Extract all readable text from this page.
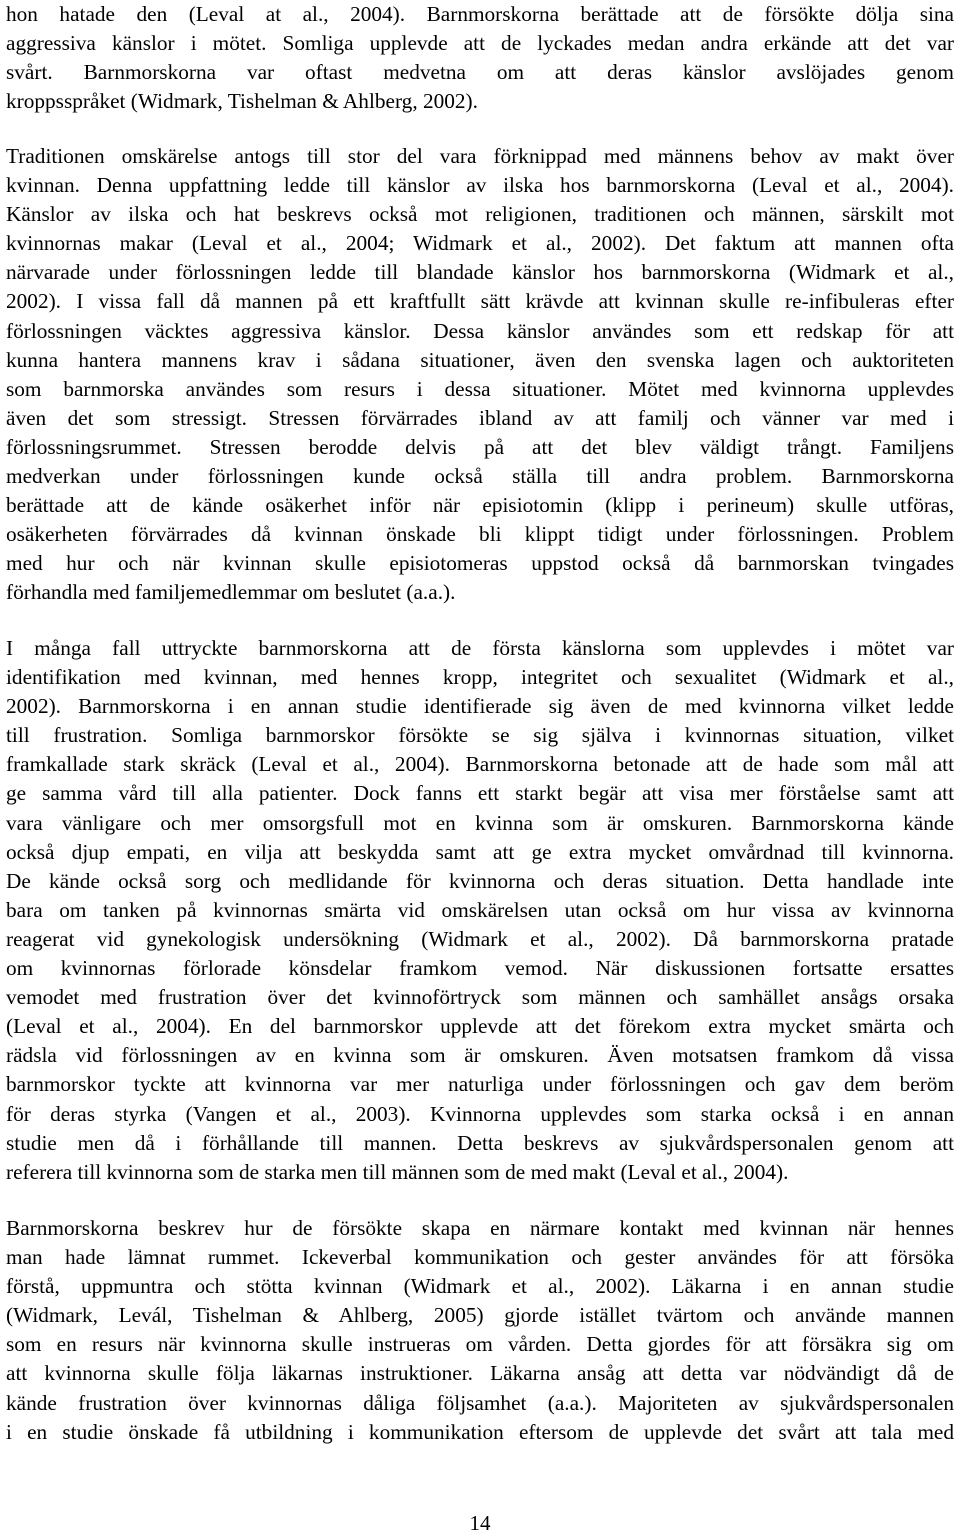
hon hatade den (Leval at al., 2004). Barnmorskorna berättade att de försökte dölja sina
aggressiva känslor i mötet. Somliga upplevde att de lyckades medan andra erkände att det var
svårt. Barnmorskorna var oftast medvetna om att deras känslor avslöjades genom
kroppsspråket (Widmark, Tishelman & Ahlberg, 2002).
Traditionen omskärelse antogs till stor del vara förknippad med männens behov av makt över
kvinnan. Denna uppfattning ledde till känslor av ilska hos barnmorskorna (Leval et al., 2004).
Känslor av ilska och hat beskrevs också mot religionen, traditionen och männen, särskilt mot
kvinnornas makar (Leval et al., 2004; Widmark et al., 2002). Det faktum att mannen ofta
närvarade under förlossningen ledde till blandade känslor hos barnmorskorna (Widmark et al.,
2002). I vissa fall då mannen på ett kraftfullt sätt krävde att kvinnan skulle re-infibuleras efter
förlossningen väcktes aggressiva känslor. Dessa känslor användes som ett redskap för att
kunna hantera mannens krav i sådana situationer, även den svenska lagen och auktoriteten
som barnmorska användes som resurs i dessa situationer. Mötet med kvinnorna upplevdes
även det som stressigt. Stressen förvärrades ibland av att familj och vänner var med i
förlossningsrummet. Stressen berodde delvis på att det blev väldigt trångt. Familjens
medverkan under förlossningen kunde också ställa till andra problem. Barnmorskorna
berättade att de kände osäkerhet inför när episiotomin (klipp i perineum) skulle utföras,
osäkerheten förvärrades då kvinnan önskade bli klippt tidigt under förlossningen. Problem
med hur och när kvinnan skulle episiotomeras uppstod också då barnmorskan tvingades
förhandla med familjemedlemmar om beslutet (a.a.).
I många fall uttryckte barnmorskorna att de första känslorna som upplevdes i mötet var
identifikation med kvinnan, med hennes kropp, integritet och sexualitet (Widmark et al.,
2002). Barnmorskorna i en annan studie identifierade sig även de med kvinnorna vilket ledde
till frustration. Somliga barnmorskor försökte se sig själva i kvinnornas situation, vilket
framkallade stark skräck (Leval et al., 2004). Barnmorskorna betonade att de hade som mål att
ge samma vård till alla patienter. Dock fanns ett starkt begär att visa mer förståelse samt att
vara vänligare och mer omsorgsfull mot en kvinna som är omskuren. Barnmorskorna kände
också djup empati, en vilja att beskydda samt att ge extra mycket omvårdnad till kvinnorna.
De kände också sorg och medlidande för kvinnorna och deras situation. Detta handlade inte
bara om tanken på kvinnornas smärta vid omskärelsen utan också om hur vissa av kvinnorna
reagerat vid gynekologisk undersökning (Widmark et al., 2002). Då barnmorskorna pratade
om kvinnornas förlorade könsdelar framkom vemod. När diskussionen fortsatte ersattes
vemodet med frustration över det kvinnoförtryck som männen och samhället ansågs orsaka
(Leval et al., 2004). En del barnmorskor upplevde att det förekom extra mycket smärta och
rädsla vid förlossningen av en kvinna som är omskuren. Även motsatsen framkom då vissa
barnmorskor tyckte att kvinnorna var mer naturliga under förlossningen och gav dem beröm
för deras styrka (Vangen et al., 2003). Kvinnorna upplevdes som starka också i en annan
studie men då i förhållande till mannen. Detta beskrevs av sjukvårdspersonalen genom att
referera till kvinnorna som de starka men till männen som de med makt (Leval et al., 2004).
Barnmorskorna beskrev hur de försökte skapa en närmare kontakt med kvinnan när hennes
man hade lämnat rummet. Ickeverbal kommunikation och gester användes för att försöka
förstå, uppmuntra och stötta kvinnan (Widmark et al., 2002). Läkarna i en annan studie
(Widmark, Levál, Tishelman & Ahlberg, 2005) gjorde istället tvärtom och använde mannen
som en resurs när kvinnorna skulle instrueras om vården. Detta gjordes för att försäkra sig om
att kvinnorna skulle följa läkarnas instruktioner. Läkarna ansåg att detta var nödvändigt då de
kände frustration över kvinnornas dåliga följsamhet (a.a.). Majoriteten av sjukvårdspersonalen
i en studie önskade få utbildning i kommunikation eftersom de upplevde det svårt att tala med
14
